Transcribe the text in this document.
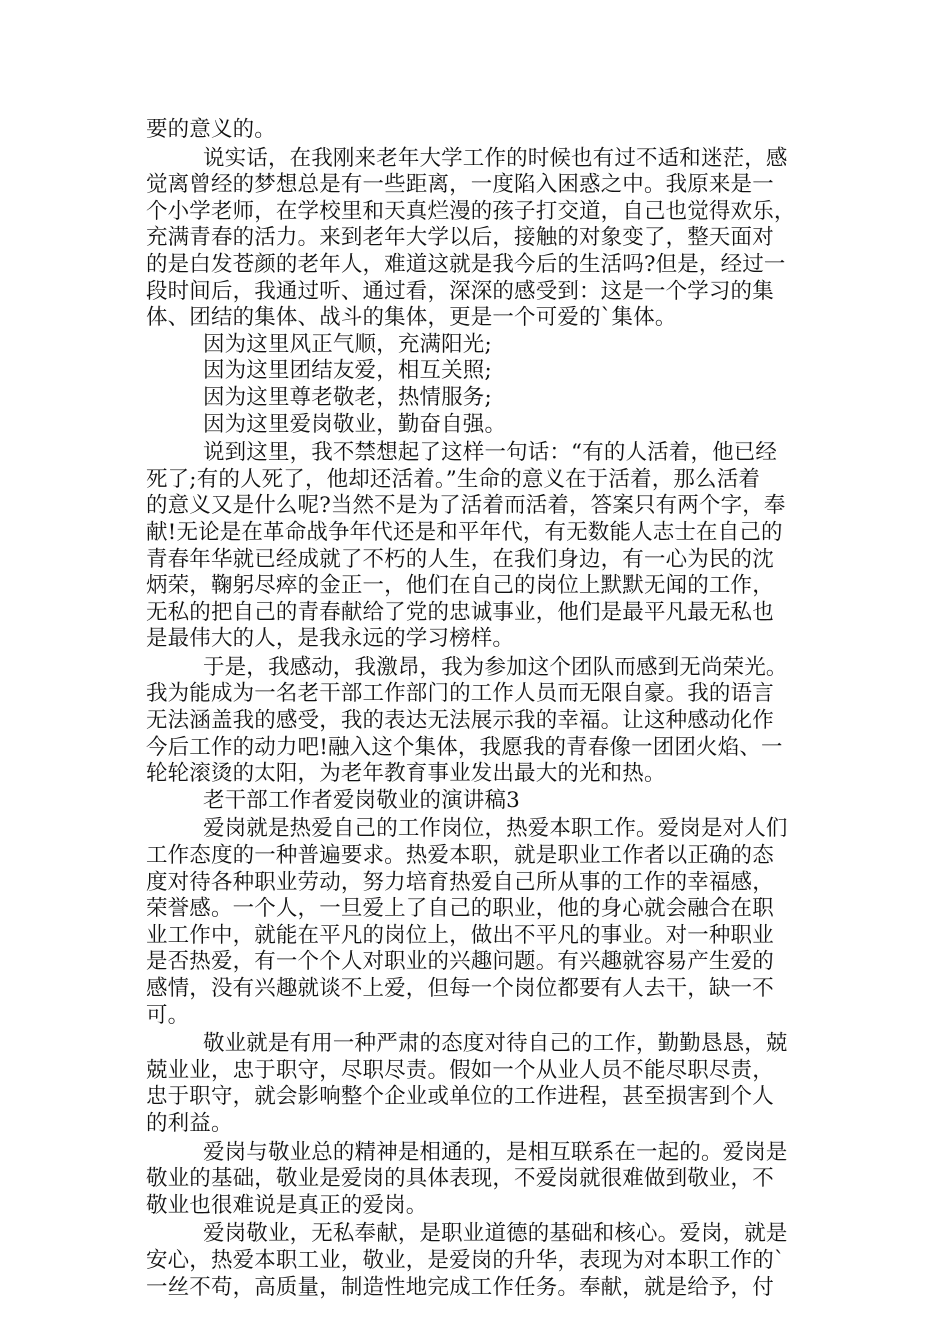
要的意义的。

说实话，在我刚来老年大学工作的时候也有过不适和迷茫，感

觉离曾经的梦想总是有一些距离，一度陷入困惑之中。我原来是一

个小学老师，在学校里和天真烂漫的孩子打交道，自己也觉得欢乐，

充满青春的活力。来到老年大学以后，接触的对象变了，整天面对

的是白发苍颜的老年人，难道这就是我今后的生活吗?但是，经过一

段时间后，我通过听、通过看，深深的感受到：这是一个学习的集

体、团结的集体、战斗的集体，更是一个可爱的`集体。

因为这里风正气顺，充满阳光;

因为这里团结友爱，相互关照;

因为这里尊老敬老，热情服务;

因为这里爱岗敬业，勤奋自强。

说到这里，我不禁想起了这样一句话：“有的人活着，他已经

死了;有的人死了，他却还活着。”生命的意义在于活着，那么活着

的意义又是什么呢?当然不是为了活着而活着，答案只有两个字，奉

献!无论是在革命战争年代还是和平年代，有无数能人志士在自己的

青春年华就已经成就了不朽的人生，在我们身边，有一心为民的沈

炳荣，鞠躬尽瘁的金正一，他们在自己的岗位上默默无闻的工作，

无私的把自己的青春献给了党的忠诚事业，他们是最平凡最无私也

是最伟大的人，是我永远的学习榜样。

于是，我感动，我激昂，我为参加这个团队而感到无尚荣光。

我为能成为一名老干部工作部门的工作人员而无限自豪。我的语言

无法涵盖我的感受，我的表达无法展示我的幸福。让这种感动化作

今后工作的动力吧!融入这个集体，我愿我的青春像一团团火焰、一

轮轮滚烫的太阳，为老年教育事业发出最大的光和热。

老干部工作者爱岗敬业的演讲稿3

爱岗就是热爱自己的工作岗位，热爱本职工作。爱岗是对人们

工作态度的一种普遍要求。热爱本职，就是职业工作者以正确的态

度对待各种职业劳动，努力培育热爱自己所从事的工作的幸福感，

荣誉感。一个人，一旦爱上了自己的职业，他的身心就会融合在职

业工作中，就能在平凡的岗位上，做出不平凡的事业。对一种职业

是否热爱，有一个个人对职业的兴趣问题。有兴趣就容易产生爱的

感情，没有兴趣就谈不上爱，但每一个岗位都要有人去干，缺一不

可。

敬业就是有用一种严肃的态度对待自己的工作，勤勤恳恳，兢

兢业业，忠于职守，尽职尽责。假如一个从业人员不能尽职尽责，

忠于职守，就会影响整个企业或单位的工作进程，甚至损害到个人

的利益。

爱岗与敬业总的精神是相通的，是相互联系在一起的。爱岗是

敬业的基础，敬业是爱岗的具体表现，不爱岗就很难做到敬业，不

敬业也很难说是真正的爱岗。

爱岗敬业，无私奉献，是职业道德的基础和核心。爱岗，就是

安心，热爱本职工业，敬业，是爱岗的升华，表现为对本职工作的`

一丝不苟，高质量，制造性地完成工作任务。奉献，就是给予，付
